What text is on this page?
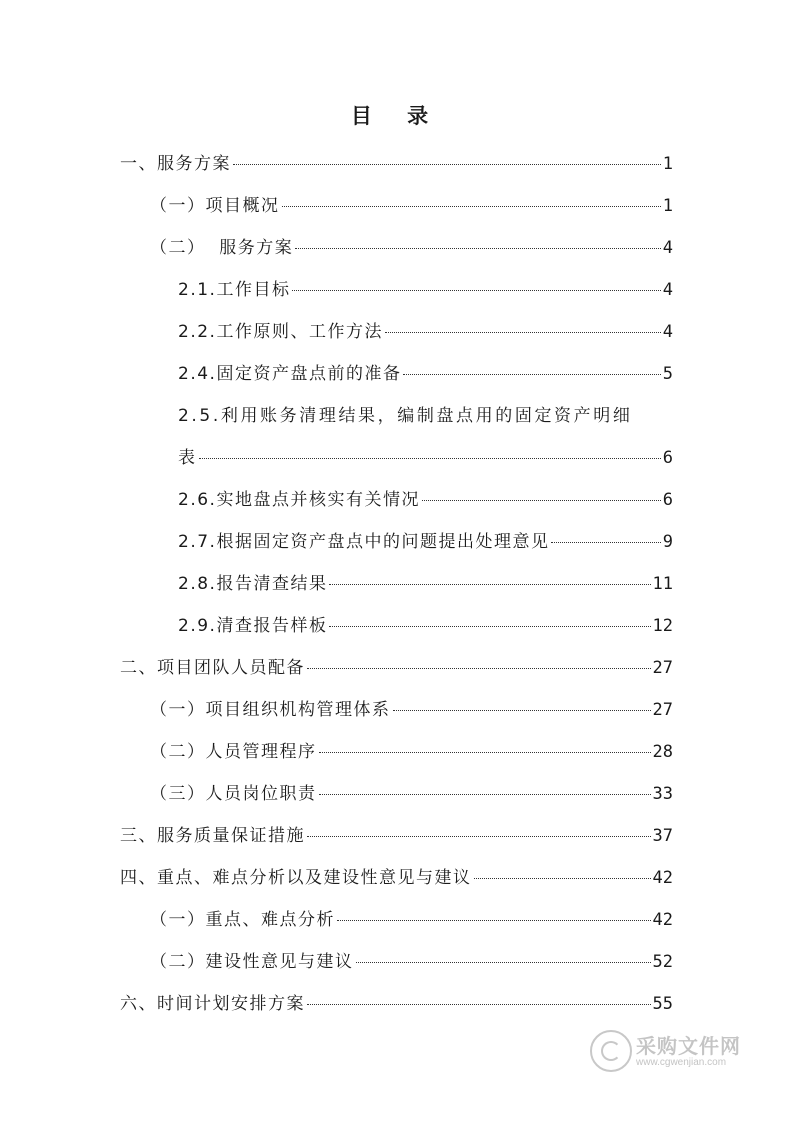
目 录
一、服务方案	1
（一）项目概况	1
（二）  服务方案	4
2.1.工作目标	4
2.2.工作原则、工作方法	4
2.4.固定资产盘点前的准备	5
2.5.利用账务清理结果，编制盘点用的固定资产明细
表	6
2.6.实地盘点并核实有关情况	6
2.7.根据固定资产盘点中的问题提出处理意见	9
2.8.报告清查结果	11
2.9.清查报告样板	12
二、项目团队人员配备	27
（一）项目组织机构管理体系	27
（二）人员管理程序	28
（三）人员岗位职责	33
三、服务质量保证措施	37
四、重点、难点分析以及建设性意见与建议	42
（一）重点、难点分析	42
（二）建设性意见与建议	52
六、时间计划安排方案	55
采购文件网
www.cgwenjian.com
